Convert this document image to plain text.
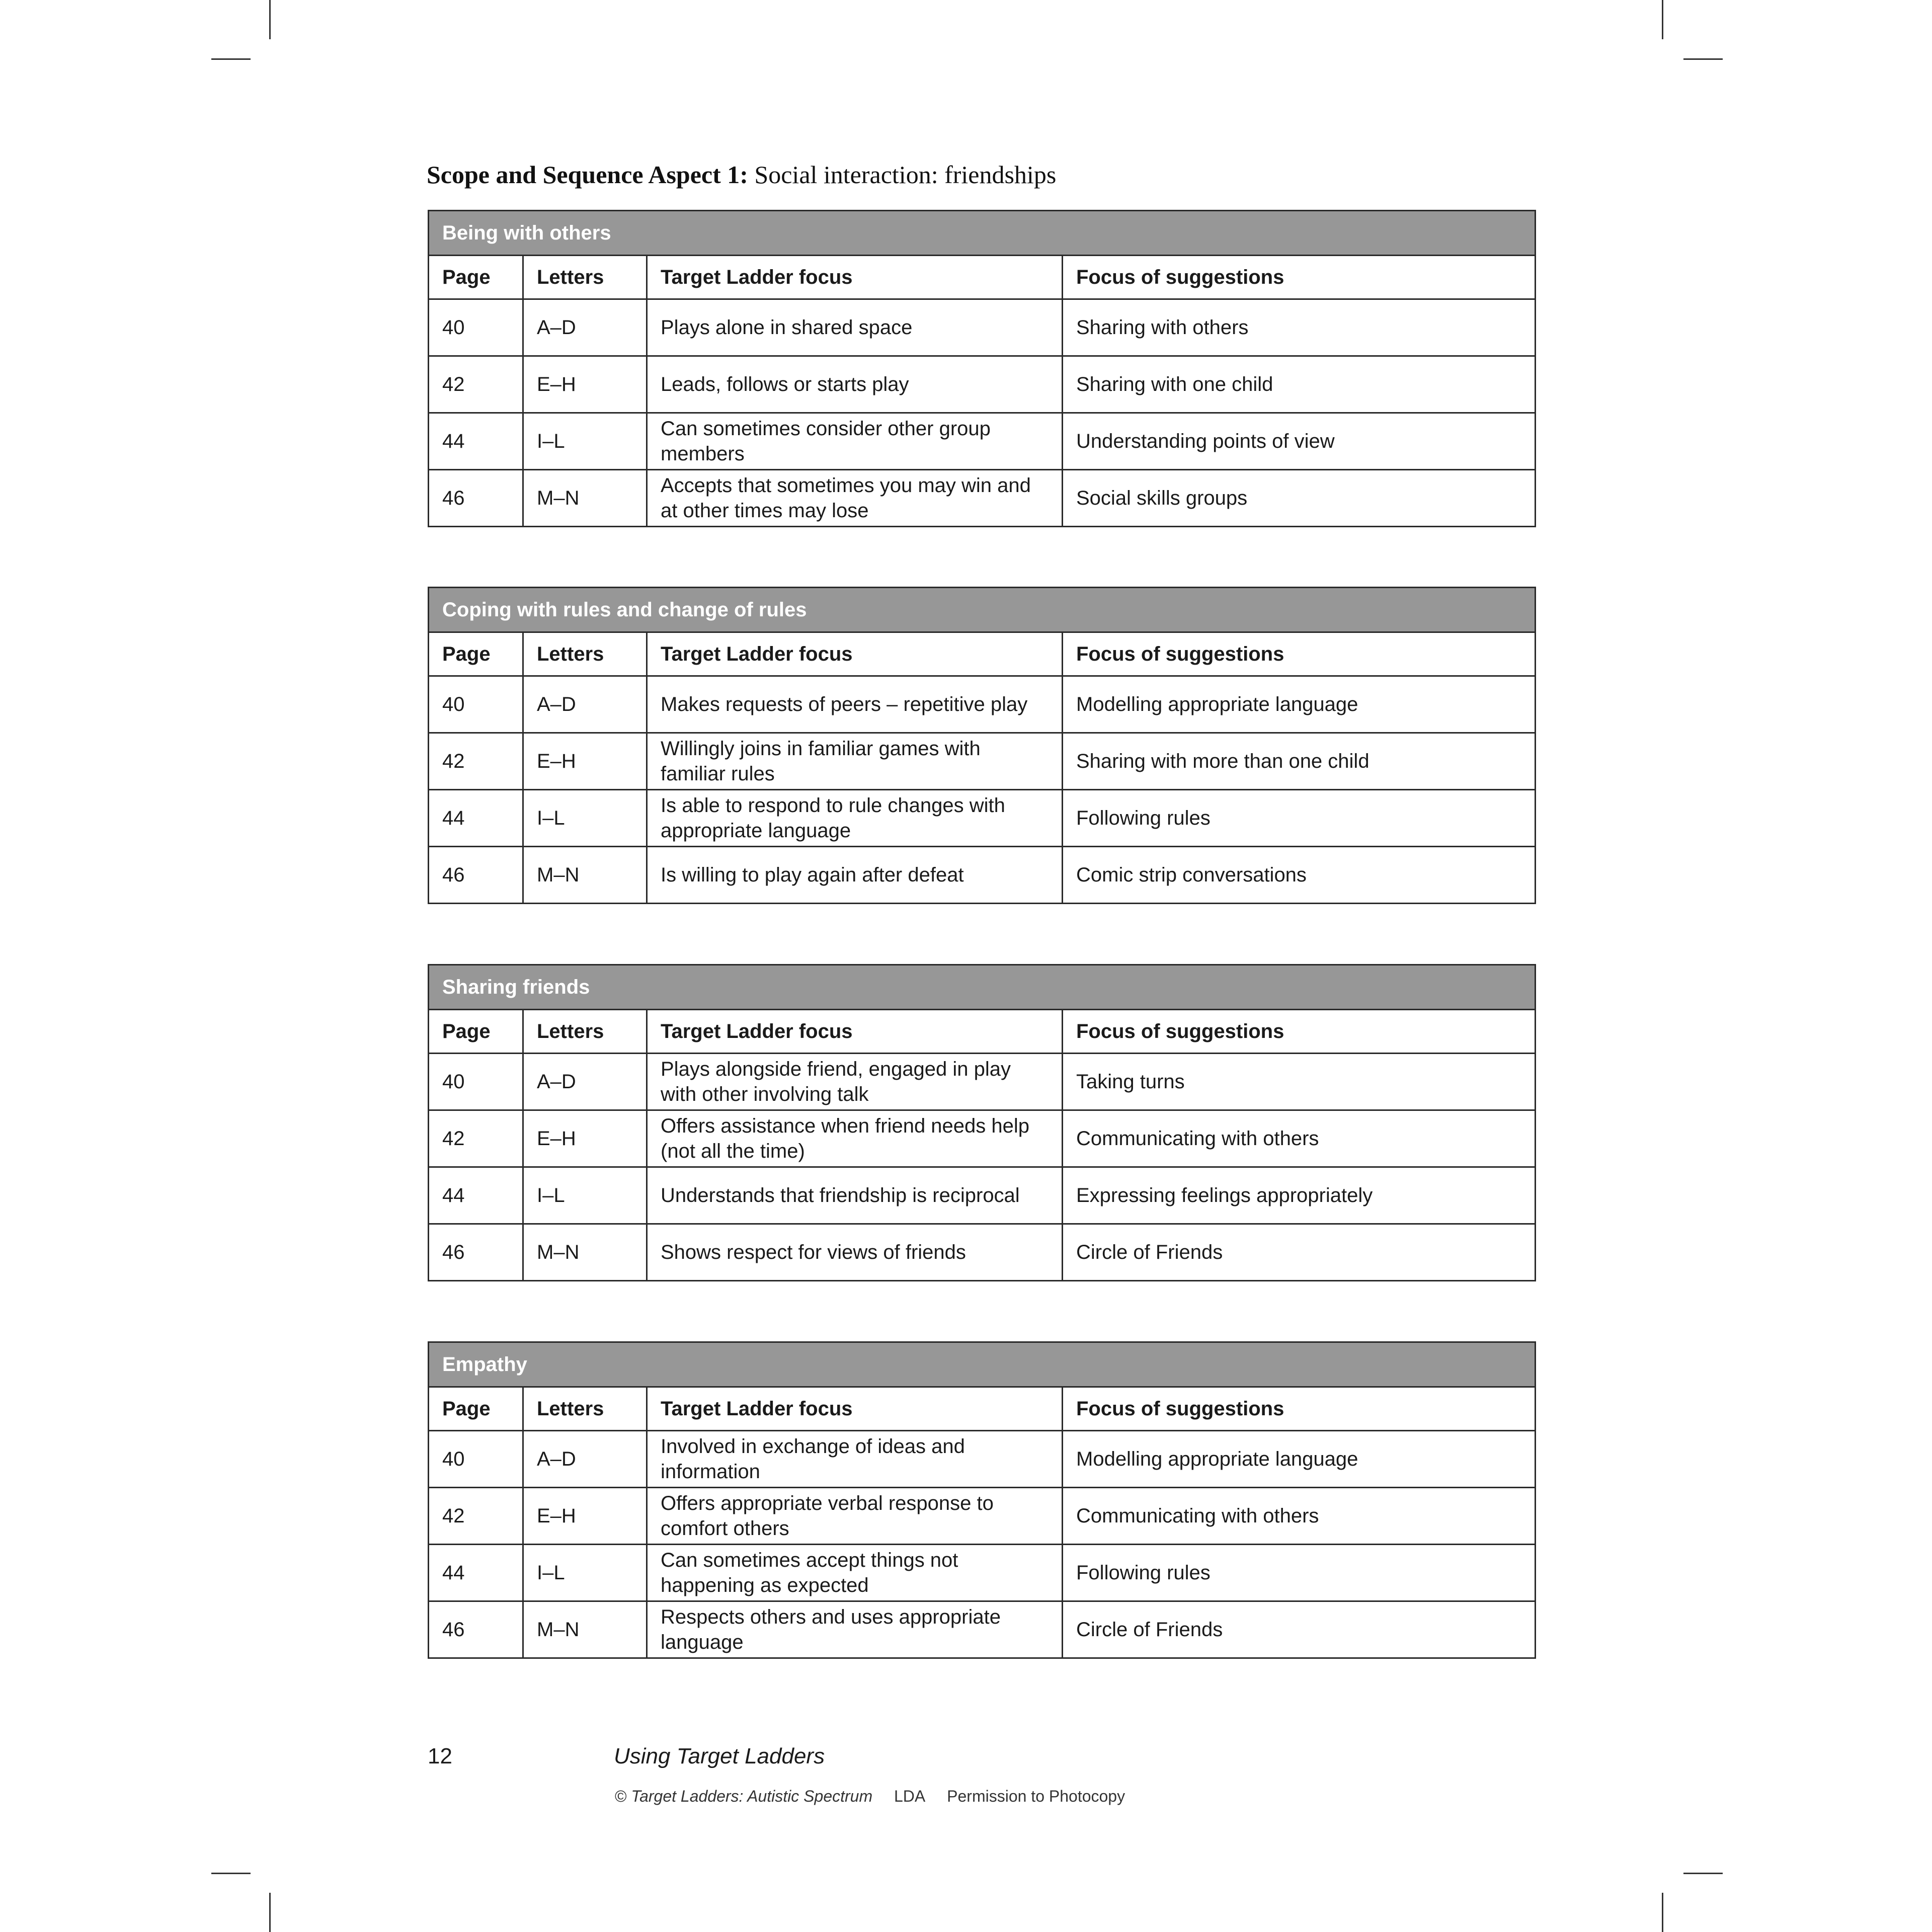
Scope and Sequence Aspect 1: Social interaction: friendships
Being with others			
Page	Letters	Target Ladder focus	Focus of suggestions
40	A–D	Plays alone in shared space	Sharing with others
42	E–H	Leads, follows or starts play	Sharing with one child
44	I–L	Can sometimes consider other group members	Understanding points of view
46	M–N	Accepts that sometimes you may win and at other times may lose	Social skills groups
Coping with rules and change of rules			
Page	Letters	Target Ladder focus	Focus of suggestions
40	A–D	Makes requests of peers – repetitive play	Modelling appropriate language
42	E–H	Willingly joins in familiar games with familiar rules	Sharing with more than one child
44	I–L	Is able to respond to rule changes with appropriate language	Following rules
46	M–N	Is willing to play again after defeat	Comic strip conversations
Sharing friends			
Page	Letters	Target Ladder focus	Focus of suggestions
40	A–D	Plays alongside friend, engaged in play with other involving talk	Taking turns
42	E–H	Offers assistance when friend needs help (not all the time)	Communicating with others
44	I–L	Understands that friendship is reciprocal	Expressing feelings appropriately
46	M–N	Shows respect for views of friends	Circle of Friends
Empathy			
Page	Letters	Target Ladder focus	Focus of suggestions
40	A–D	Involved in exchange of ideas and information	Modelling appropriate language
42	E–H	Offers appropriate verbal response to comfort others	Communicating with others
44	I–L	Can sometimes accept things not happening as expected	Following rules
46	M–N	Respects others and uses appropriate language	Circle of Friends
12	Using Target Ladders
© Target Ladders: Autistic Spectrum LDA Permission to Photocopy
